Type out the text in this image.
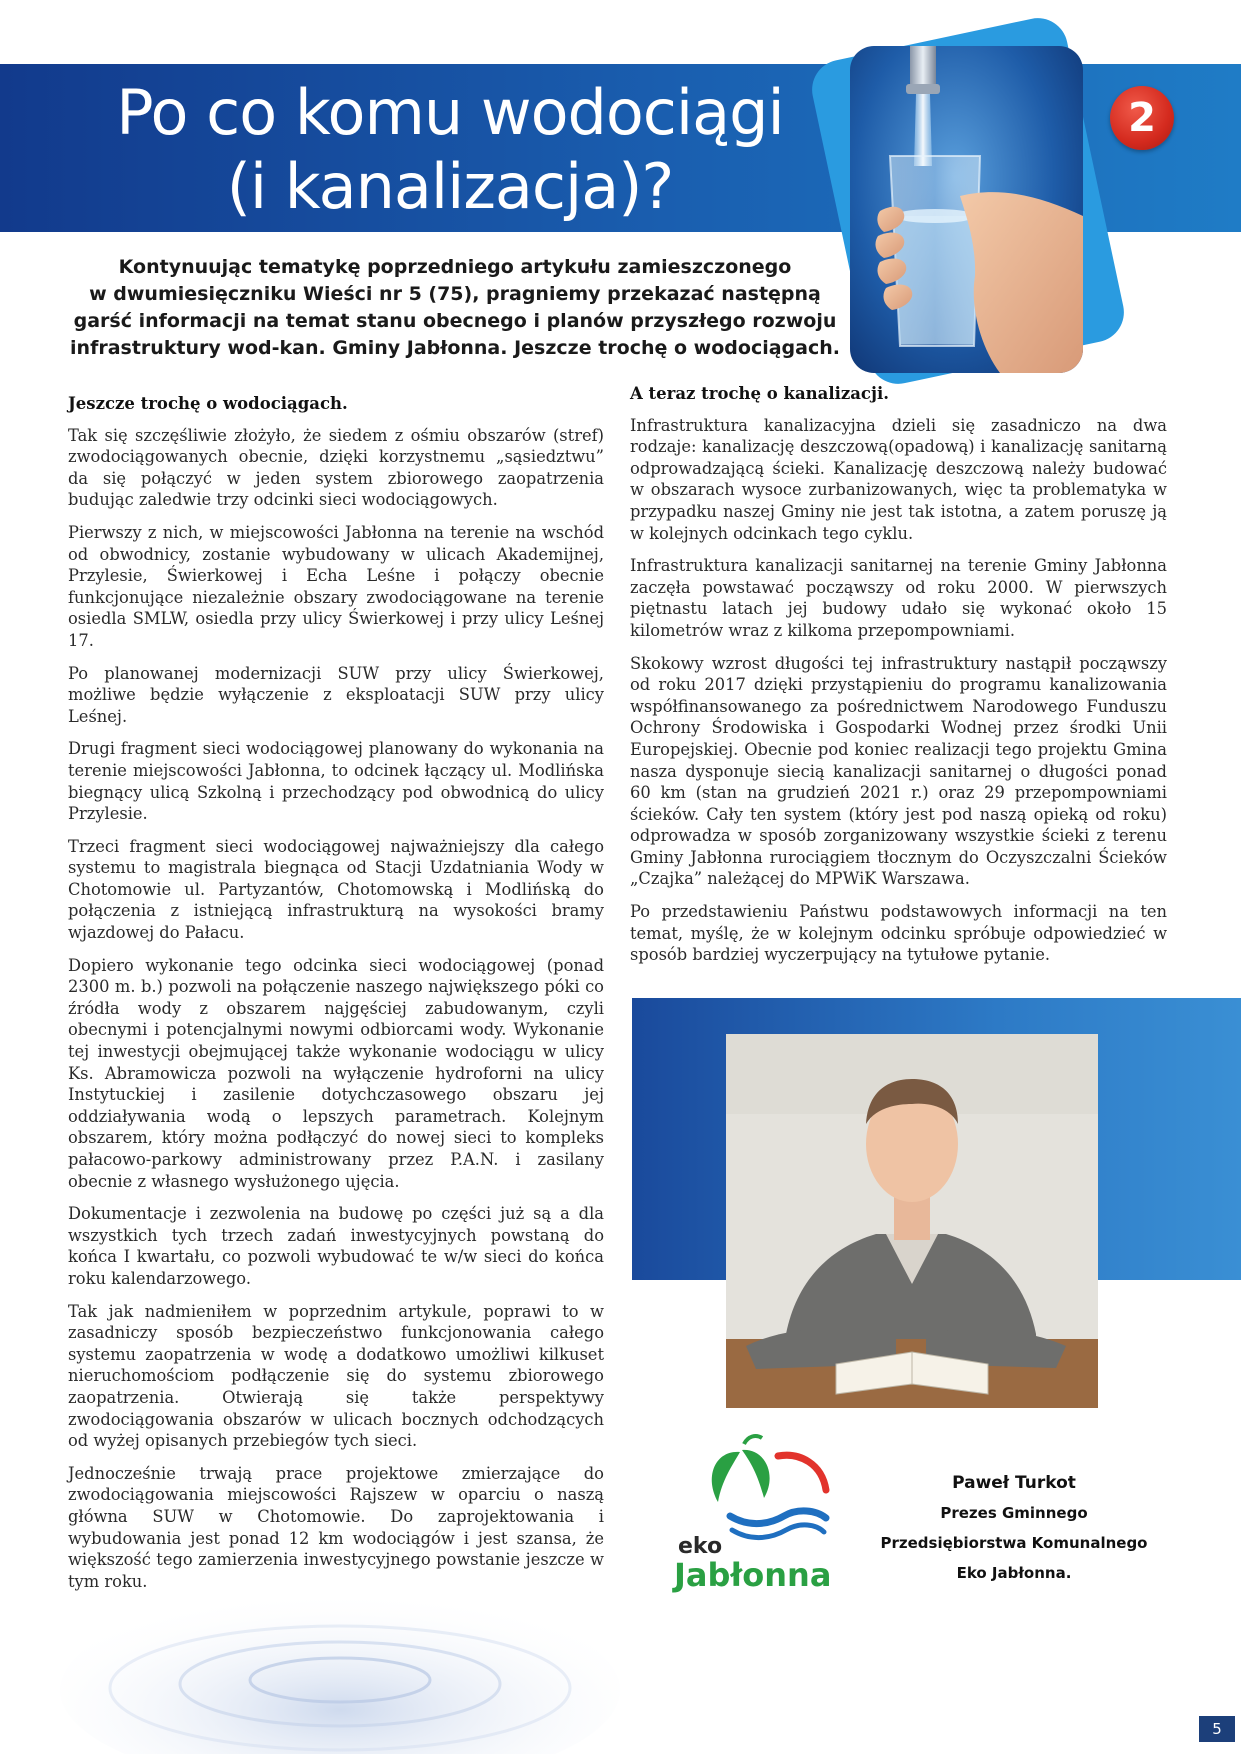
Po co komu wodociągi
(i kanalizacja)?
2
Kontynuując tematykę poprzedniego artykułu zamieszczonego
w dwumiesięczniku Wieści nr 5 (75), pragniemy przekazać następną
garść informacji na temat stanu obecnego i planów przyszłego rozwoju
infrastruktury wod-kan. Gminy Jabłonna. Jeszcze trochę o wodociągach.
Jeszcze trochę o wodociągach.

Tak się szczęśliwie złożyło, że siedem z ośmiu obszarów (stref) zwodociągowanych obecnie, dzięki korzystnemu „sąsiedztwu” da się połączyć w jeden system zbiorowego zaopatrzenia budując zaledwie trzy odcinki sieci wodociągowych.

Pierwszy z nich, w miejscowości Jabłonna na terenie na wschód od obwodnicy, zostanie wybudowany w ulicach Akademijnej, Przylesie, Świerkowej i Echa Leśne i połączy obecnie funkcjonujące niezależnie obszary zwodociągowane na terenie osiedla SMLW, osiedla przy ulicy Świerkowej i przy ulicy Leśnej 17.

Po planowanej modernizacji SUW przy ulicy Świerkowej, możliwe będzie wyłączenie z eksploatacji SUW przy ulicy Leśnej.

Drugi fragment sieci wodociągowej planowany do wykonania na terenie miejscowości Jabłonna, to odcinek łączący ul. Modlińska biegnący ulicą Szkolną i przechodzący pod obwodnicą do ulicy Przylesie.

Trzeci fragment sieci wodociągowej najważniejszy dla całego systemu to magistrala biegnąca od Stacji Uzdatniania Wody w Chotomowie ul. Partyzantów, Chotomowską i Modlińską do połączenia z istniejącą infrastrukturą na wysokości bramy wjazdowej do Pałacu.

Dopiero wykonanie tego odcinka sieci wodociągowej (ponad 2300 m. b.) pozwoli na połączenie naszego największego póki co źródła wody z obszarem najgęściej zabudowanym, czyli obecnymi i potencjalnymi nowymi odbiorcami wody. Wykonanie tej inwestycji obejmującej także wykonanie wodociągu w ulicy Ks. Abramowicza pozwoli na wyłączenie hydroforni na ulicy Instytuckiej i zasilenie dotychczasowego obszaru jej oddziaływania wodą o lepszych parametrach. Kolejnym obszarem, który można podłączyć do nowej sieci to kompleks pałacowo-parkowy administrowany przez P.A.N. i zasilany obecnie z własnego wysłużonego ujęcia.

Dokumentacje i zezwolenia na budowę po części już są a dla wszystkich tych trzech zadań inwestycyjnych powstaną do końca I kwartału, co pozwoli wybudować te w/w sieci do końca roku kalendarzowego.

Tak jak nadmieniłem w poprzednim artykule, poprawi to w zasadniczy sposób bezpieczeństwo funkcjonowania całego systemu zaopatrzenia w wodę a dodatkowo umożliwi kilkuset nieruchomościom podłączenie się do systemu zbiorowego zaopatrzenia. Otwierają się także perspektywy zwodociągowania obszarów w ulicach bocznych odchodzących od wyżej opisanych przebiegów tych sieci.

Jednocześnie trwają prace projektowe zmierzające do zwodociągowania miejscowości Rajszew w oparciu o naszą główna SUW w Chotomowie. Do zaprojektowania i wybudowania jest ponad 12 km wodociągów i jest szansa, że większość tego zamierzenia inwestycyjnego powstanie jeszcze w tym roku.

A teraz trochę o kanalizacji.

Infrastruktura kanalizacyjna dzieli się zasadniczo na dwa rodzaje: kanalizację deszczową(opadową) i kanalizację sanitarną odprowadzającą ścieki. Kanalizację deszczową należy budować w obszarach wysoce zurbanizowanych, więc ta problematyka w przypadku naszej Gminy nie jest tak istotna, a zatem poruszę ją w kolejnych odcinkach tego cyklu.

Infrastruktura kanalizacji sanitarnej na terenie Gminy Jabłonna zaczęła powstawać począwszy od roku 2000. W pierwszych piętnastu latach jej budowy udało się wykonać około 15 kilometrów wraz z kilkoma przepompowniami.

Skokowy wzrost długości tej infrastruktury nastąpił począwszy od roku 2017 dzięki przystąpieniu do programu kanalizowania współfinansowanego za pośrednictwem Narodowego Funduszu Ochrony Środowiska i Gospodarki Wodnej przez środki Unii Europejskiej. Obecnie pod koniec realizacji tego projektu Gmina nasza dysponuje siecią kanalizacji sanitarnej o długości ponad 60 km (stan na grudzień 2021 r.) oraz 29 przepompowniami ścieków. Cały ten system (który jest pod naszą opieką od roku) odprowadza w sposób zorganizowany wszystkie ścieki z terenu Gminy Jabłonna rurociągiem tłocznym do Oczyszczalni Ścieków „Czajka” należącej do MPWiK Warszawa.

Po przedstawieniu Państwu podstawowych informacji na ten temat, myślę, że w kolejnym odcinku spróbuje odpowiedzieć w sposób bardziej wyczerpujący na tytułowe pytanie.

eko
Jabłonna
Paweł Turkot
Prezes Gminnego
Przedsiębiorstwa Komunalnego
Eko Jabłonna.
5
